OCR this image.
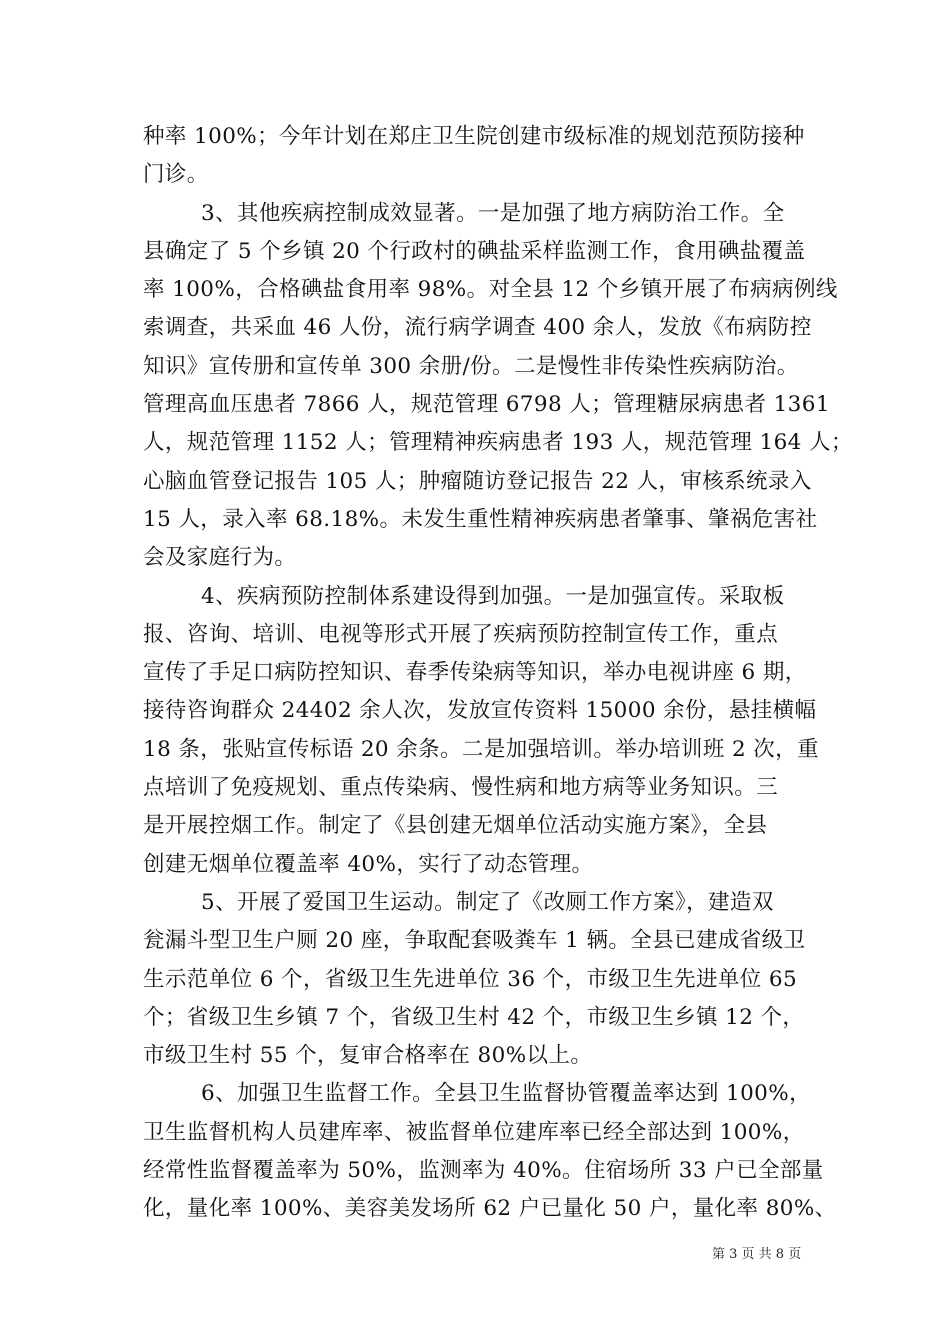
种率 100%；今年计划在郑庄卫生院创建市级标准的规划范预防接种
门诊。
3、其他疾病控制成效显著。一是加强了地方病防治工作。全
县确定了 5 个乡镇 20 个行政村的碘盐采样监测工作，食用碘盐覆盖
率 100%，合格碘盐食用率 98%。对全县 12 个乡镇开展了布病病例线
索调查，共采血 46 人份，流行病学调查 400 余人，发放《布病防控
知识》宣传册和宣传单 300 余册/份。二是慢性非传染性疾病防治。
管理高血压患者 7866 人，规范管理 6798 人；管理糖尿病患者 1361
人，规范管理 1152 人；管理精神疾病患者 193 人，规范管理 164 人；
心脑血管登记报告 105 人；肿瘤随访登记报告 22 人，审核系统录入
15 人，录入率 68.18%。未发生重性精神疾病患者肇事、肇祸危害社
会及家庭行为。
4、疾病预防控制体系建设得到加强。一是加强宣传。采取板
报、咨询、培训、电视等形式开展了疾病预防控制宣传工作，重点
宣传了手足口病防控知识、春季传染病等知识，举办电视讲座 6 期，
接待咨询群众 24402 余人次，发放宣传资料 15000 余份，悬挂横幅
18 条，张贴宣传标语 20 余条。二是加强培训。举办培训班 2 次，重
点培训了免疫规划、重点传染病、慢性病和地方病等业务知识。三
是开展控烟工作。制定了《县创建无烟单位活动实施方案》，全县
创建无烟单位覆盖率 40%，实行了动态管理。
5、开展了爱国卫生运动。制定了《改厕工作方案》，建造双
瓮漏斗型卫生户厕 20 座，争取配套吸粪车 1 辆。全县已建成省级卫
生示范单位 6 个，省级卫生先进单位 36 个，市级卫生先进单位 65
个；省级卫生乡镇 7 个，省级卫生村 42 个，市级卫生乡镇 12 个，
市级卫生村 55 个，复审合格率在 80%以上。
6、加强卫生监督工作。全县卫生监督协管覆盖率达到 100%，
卫生监督机构人员建库率、被监督单位建库率已经全部达到 100%，
经常性监督覆盖率为 50%，监测率为 40%。住宿场所 33 户已全部量
化，量化率 100%、美容美发场所 62 户已量化 50 户，量化率 80%、
第 3 页 共 8 页
